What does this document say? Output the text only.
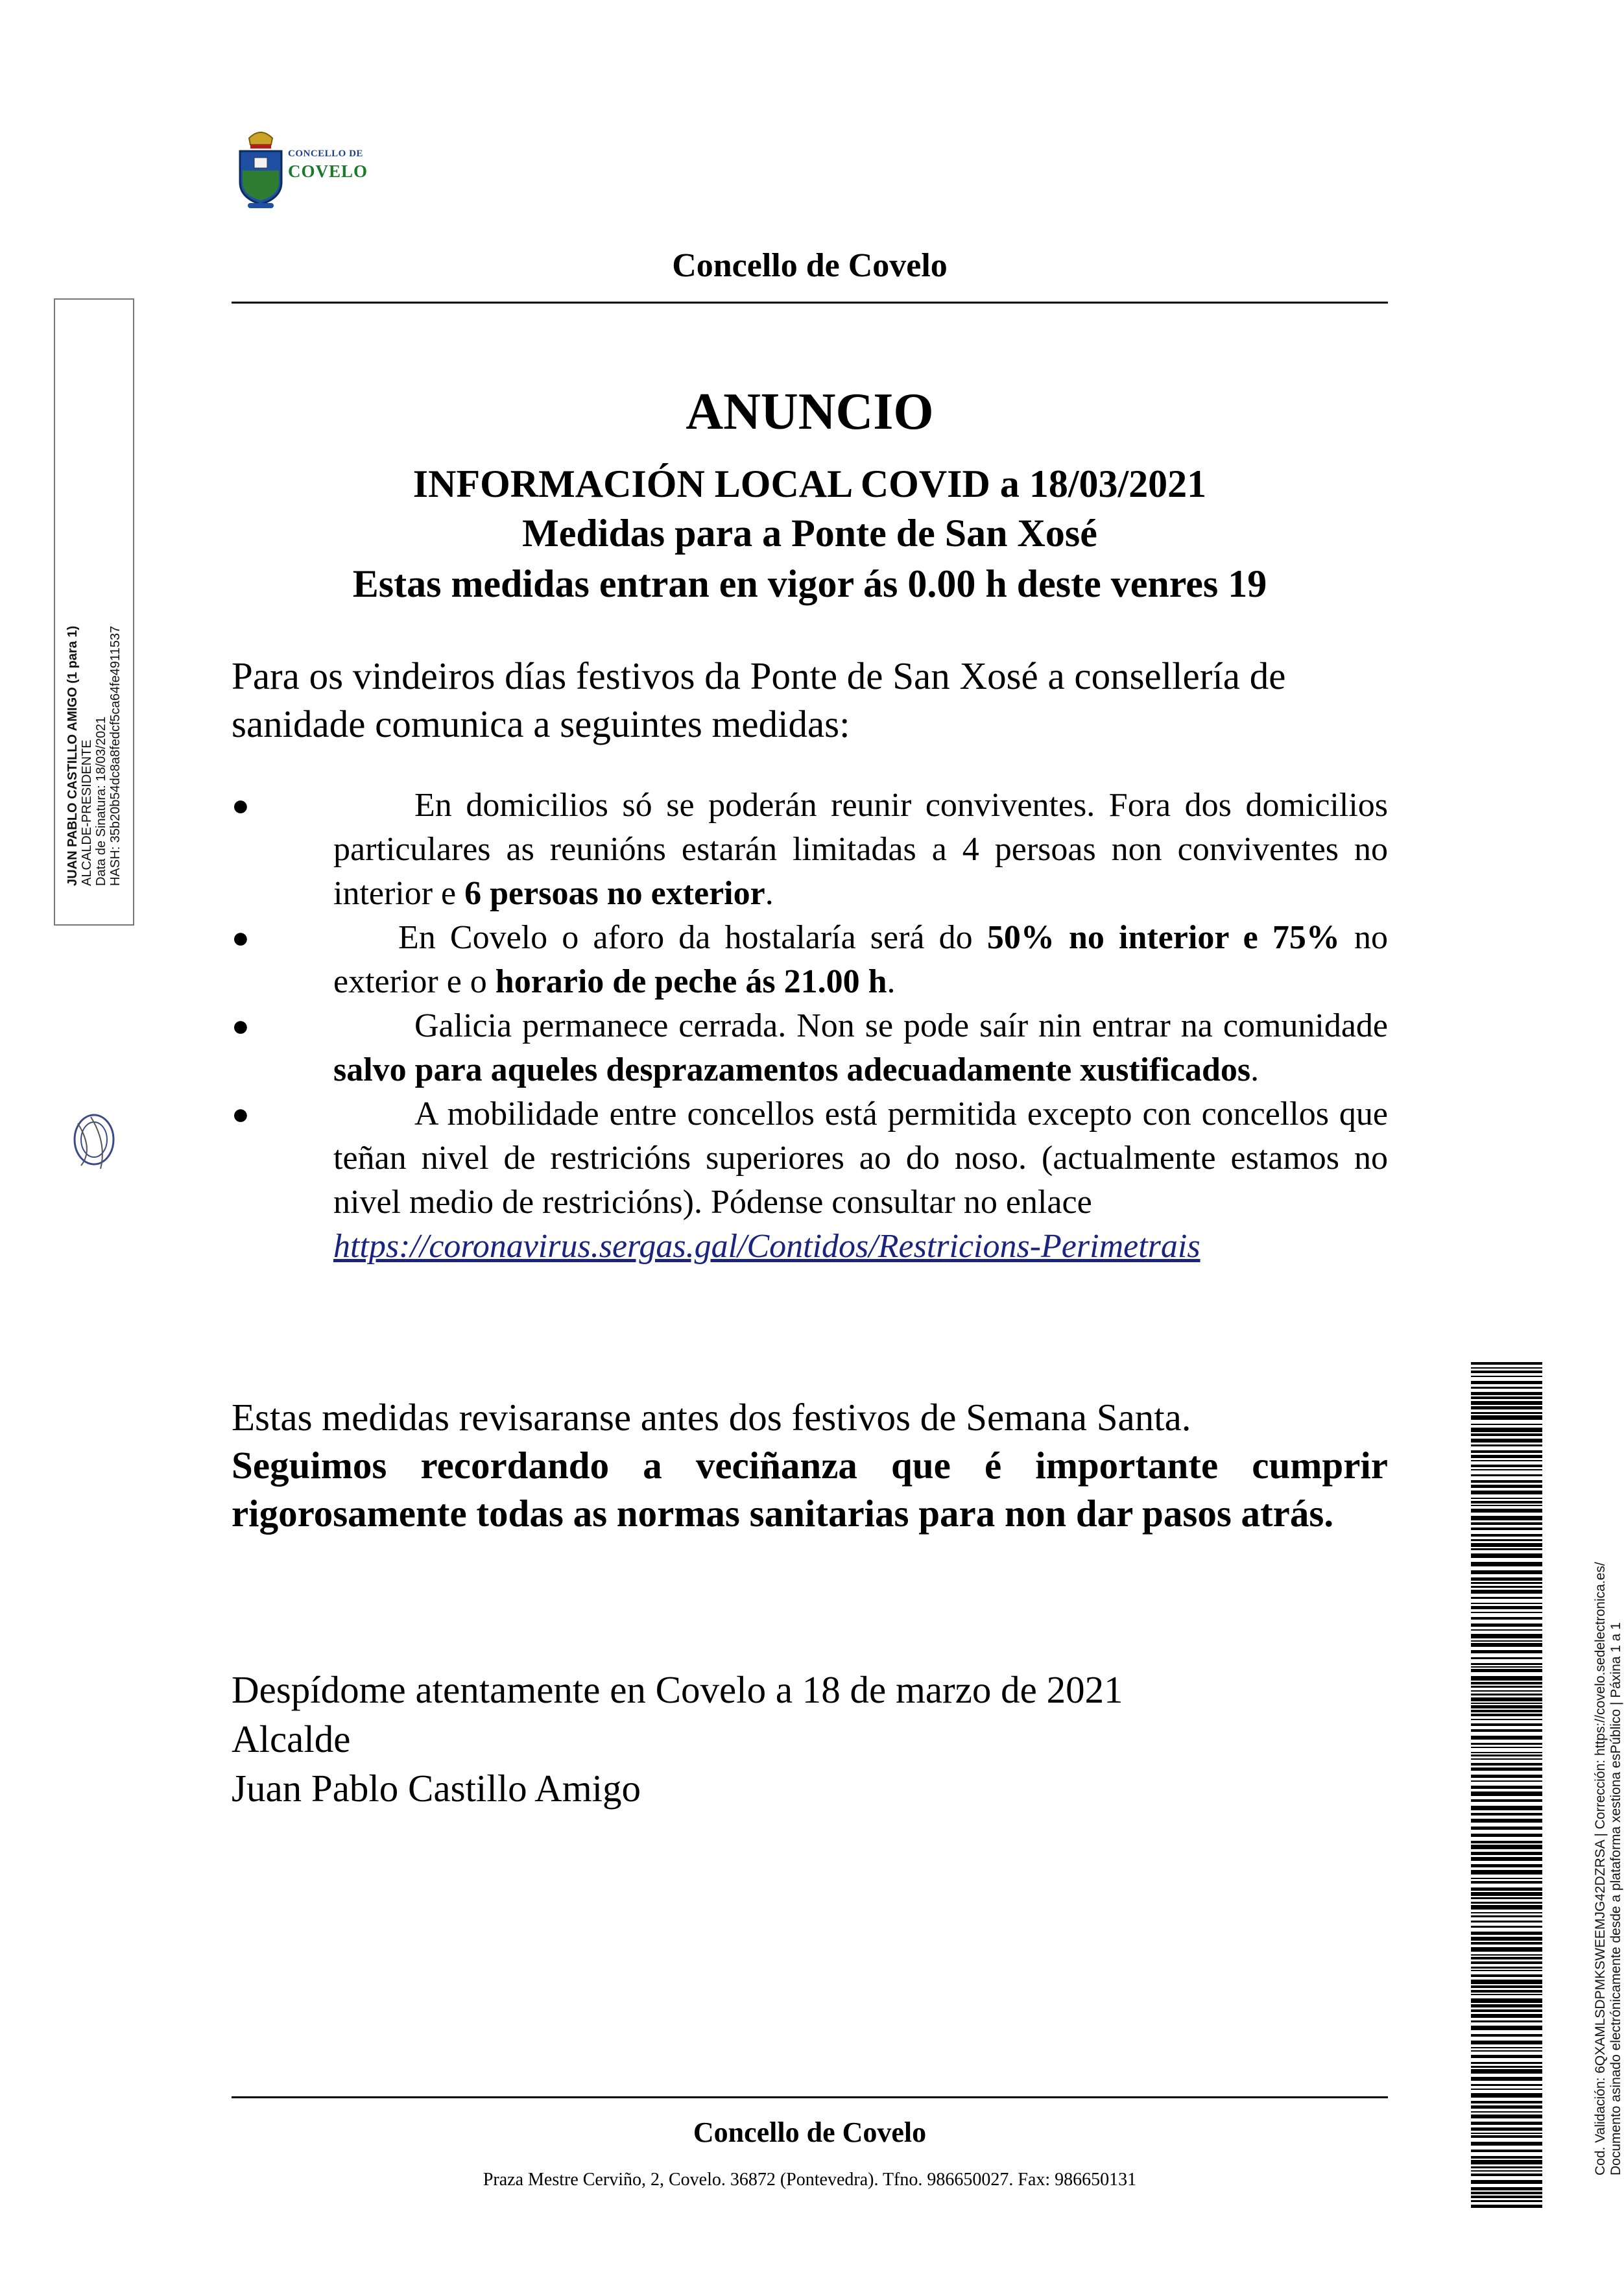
CONCELLO DE
COVELO
Concello de Covelo
JUAN PABLO CASTILLO AMIGO (1 para 1) ALCALDE-PRESIDENTE Data de Sinatura: 18/03/2021 HASH: 35b20b54dc8a8fedcf5ca64fe4911537
ANUNCIO
INFORMACIÓN LOCAL COVID a 18/03/2021
Medidas para a Ponte de San Xosé
Estas medidas entran en vigor ás 0.00 h deste venres 19
Para os vindeiros días festivos da Ponte de San Xosé a consellería de sanidade comunica a seguintes medidas:
●	En domicilios só se poderán reunir conviventes. Fora dos domicilios particulares as reunións estarán limitadas a 4 persoas non conviventes no interior e 6 persoas no exterior.
●	En Covelo o aforo da hostalaría será do 50% no interior e 75% no exterior e o horario de peche ás 21.00 h.
●	Galicia permanece cerrada. Non se pode saír nin entrar na comunidade salvo para aqueles desprazamentos adecuadamente xustificados.
●	A mobilidade entre concellos está permitida excepto con concellos que teñan nivel de restricións superiores ao do noso. (actualmente estamos no nivel medio de restricións). Pódense consultar no enlace
https://coronavirus.sergas.gal/Contidos/Restricions-Perimetrais
Estas medidas revisaranse antes dos festivos de Semana Santa.
Seguimos recordando a veciñanza que é importante cumprir rigorosamente todas as normas sanitarias para non dar pasos atrás.
Despídome atentamente en Covelo a 18 de marzo de 2021
Alcalde
Juan Pablo Castillo Amigo
Concello de Covelo
Praza Mestre Cerviño, 2, Covelo. 36872 (Pontevedra). Tfno. 986650027. Fax: 986650131
Cod. Validación: 6QXAMLSDPMKSWEEMJG42DZRSA | Corrección: https://covelo.sedelectronica.es/ Documento asinado electrónicamente desde a plataforma xestiona esPúblico | Páxina 1 a 1
